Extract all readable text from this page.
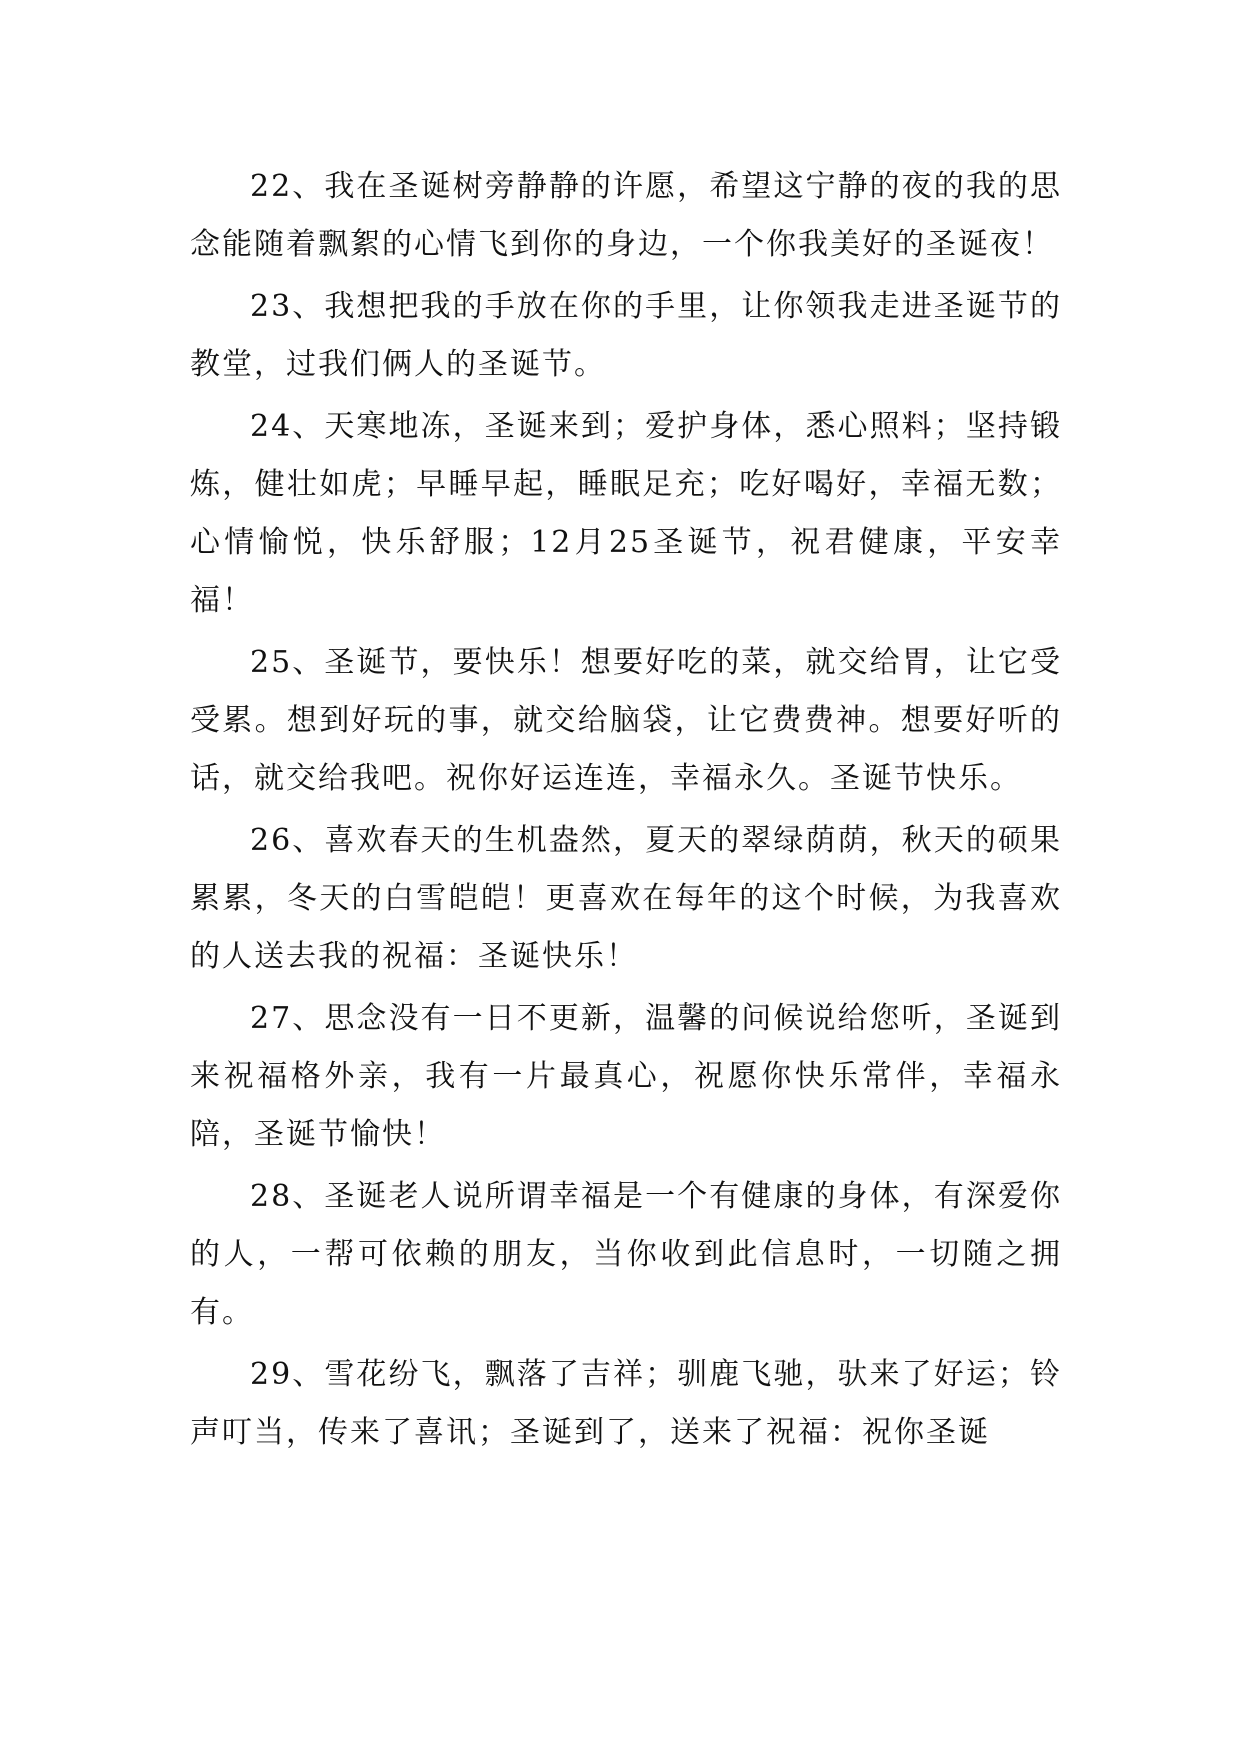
22、我在圣诞树旁静静的许愿，希望这宁静的夜的我的思念能随着飘絮的心情飞到你的身边，一个你我美好的圣诞夜！

23、我想把我的手放在你的手里，让你领我走进圣诞节的教堂，过我们俩人的圣诞节。

24、天寒地冻，圣诞来到；爱护身体，悉心照料；坚持锻炼，健壮如虎；早睡早起，睡眠足充；吃好喝好，幸福无数；心情愉悦，快乐舒服；12月25圣诞节，祝君健康，平安幸福！

25、圣诞节，要快乐！想要好吃的菜，就交给胃，让它受受累。想到好玩的事，就交给脑袋，让它费费神。想要好听的话，就交给我吧。祝你好运连连，幸福永久。圣诞节快乐。

26、喜欢春天的生机盎然，夏天的翠绿荫荫，秋天的硕果累累，冬天的白雪皑皑！更喜欢在每年的这个时候，为我喜欢的人送去我的祝福：圣诞快乐！

27、思念没有一日不更新，温馨的问候说给您听，圣诞到来祝福格外亲，我有一片最真心，祝愿你快乐常伴，幸福永陪，圣诞节愉快！

28、圣诞老人说所谓幸福是一个有健康的身体，有深爱你的人，一帮可依赖的朋友，当你收到此信息时，一切随之拥有。

29、雪花纷飞，飘落了吉祥；驯鹿飞驰，驮来了好运；铃声叮当，传来了喜讯；圣诞到了，送来了祝福：祝你圣诞
